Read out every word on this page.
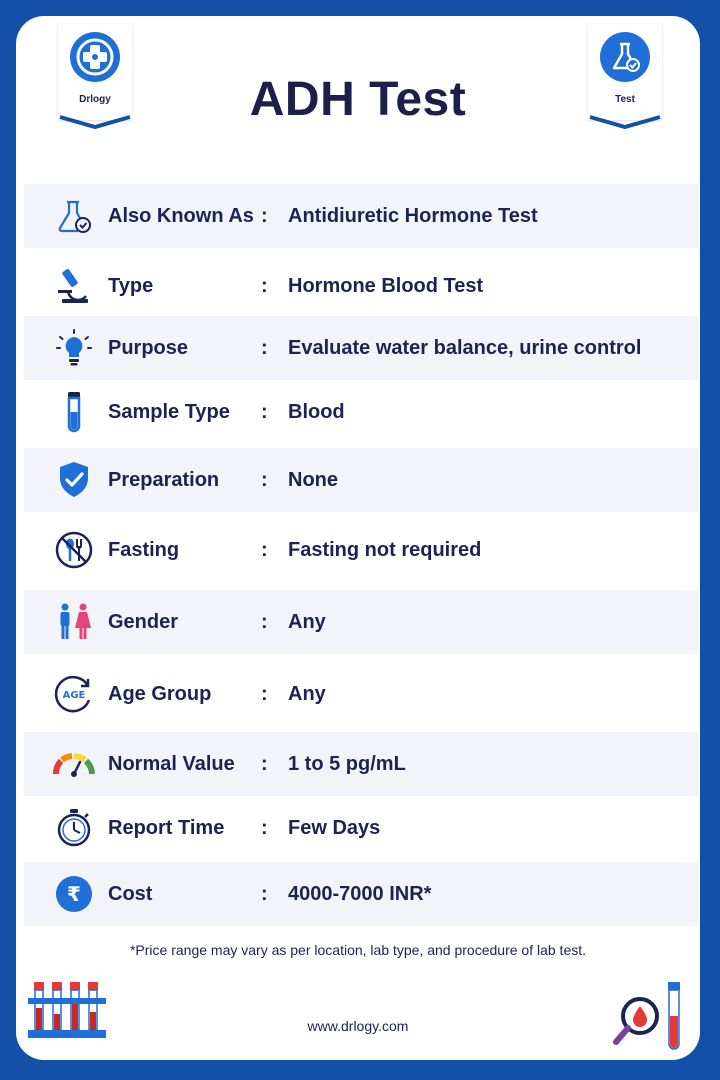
Drlogy	Test
ADH Test
Also Known As : Antidiuretic Hormone Test
Type	: Hormone Blood Test
Purpose	: Evaluate water balance, urine control
Sample Type : Blood
Preparation : None
Fasting	: Fasting not required
Gender	: Any
AGE Age Group : Any
Normal Value : 1 to 5 pg/mL
Report Time : Few Days
₹ Cost	: 4000-7000 INR*
*Price range may vary as per location, lab type, and procedure of lab test.
www.drlogy.com
